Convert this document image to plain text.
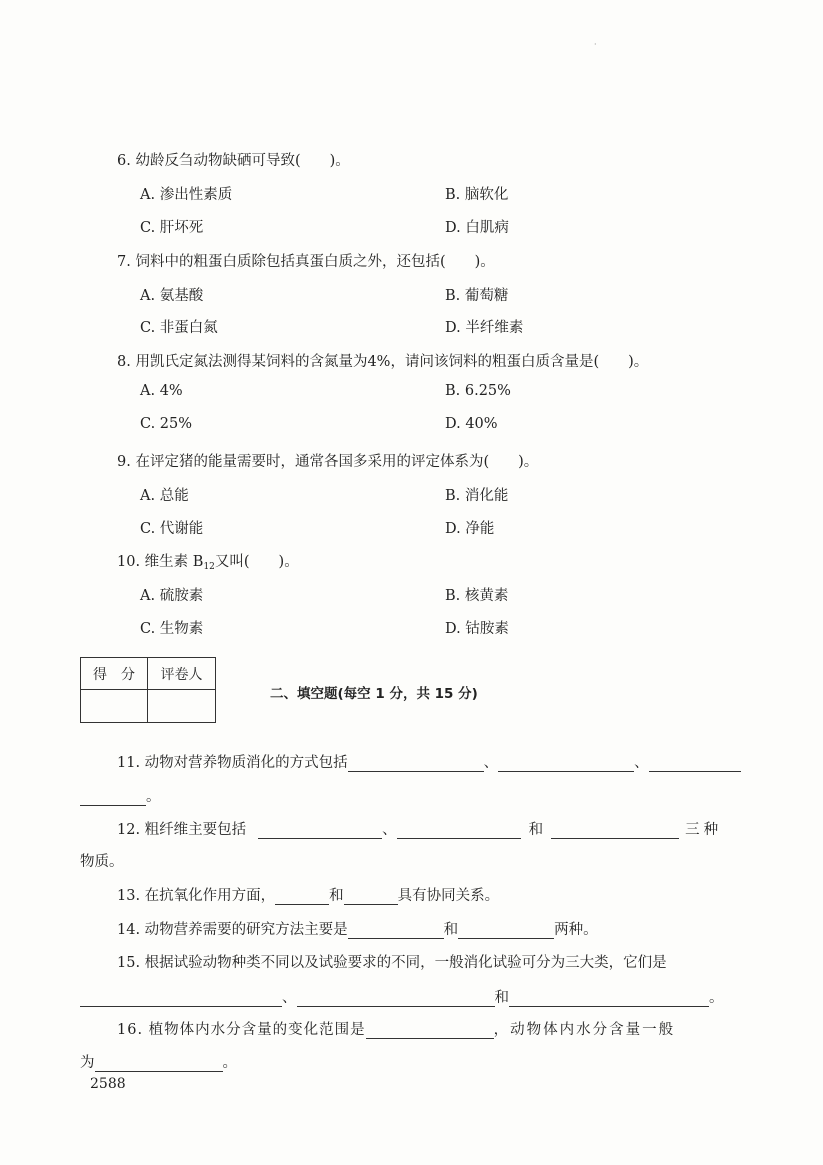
·
6. 幼龄反刍动物缺硒可导致(　　)。
A. 渗出性素质	B. 脑软化
C. 肝坏死	D. 白肌病
7. 饲料中的粗蛋白质除包括真蛋白质之外，还包括(　　)。
A. 氨基酸	B. 葡萄糖
C. 非蛋白氮	D. 半纤维素
8. 用凯氏定氮法测得某饲料的含氮量为4%，请问该饲料的粗蛋白质含量是(　　)。
A. 4%	B. 6.25%
C. 25%	D. 40%
9. 在评定猪的能量需要时，通常各国多采用的评定体系为(　　)。
A. 总能	B. 消化能
C. 代谢能	D. 净能
10. 维生素 $B_{12}$又叫(　　)。
A. 硫胺素	B. 核黄素
C. 生物素	D. 钴胺素
得　分	评卷人

二、填空题(每空 1 分，共 15 分)
11. 动物对营养物质消化的方式包括	、	、
。
12. 粗纤维主要包括	、	和	三种
物质。
13. 在抗氧化作用方面，	和	具有协同关系。
14. 动物营养需要的研究方法主要是	和	两种。
15. 根据试验动物种类不同以及试验要求的不同，一般消化试验可分为三大类，它们是
、	和	。
16. 植物体内水分含量的变化范围是	，动物体内水分含量一般
为	。
2588
